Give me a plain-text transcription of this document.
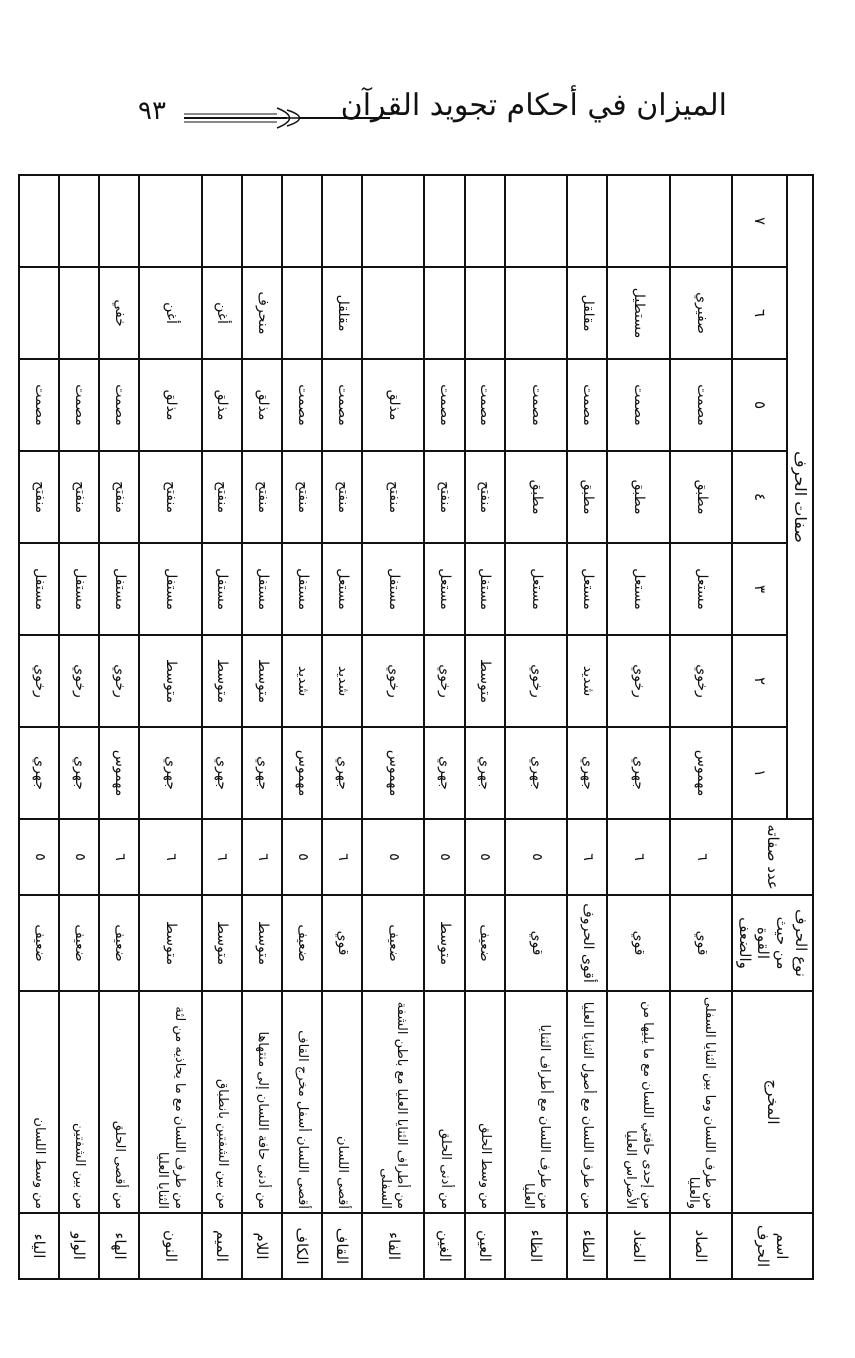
٩٣	الميزان في أحكام تجويد القرآن
اسم الحرف	المخرج	نوع الحرف من حيث القوة والضعف	عدد صفاته	صفات الحرف						
				١	٢	٣	٤	٥	٦	٧
الصاد	من طرف اللسان وما بين الثنايا السفلى والعليا	قوي	٦	مهموس	رخوي	مستعل	مطبق	مصمت	صفيري	
الضاد	من إحدى حافتي اللسان مع ما يليها من الأضراس العليا	قوي	٦	جهري	رخوي	مستعل	مطبق	مصمت	مستطيل	
الطاء	من طرف اللسان مع أصول الثنايا العليا	أقوى الحروف	٦	جهري	شديد	مستعل	مطبق	مصمت	مقلقل	
الظاء	من طرف اللسان مع أطراف الثنايا العليا	قوي	٥	جهري	رخوي	مستعل	مطبق	مصمت		
العين	من وسط الحلق	ضعيف	٥	جهري	متوسط	مستفل	منفتح	مصمت		
الغين	من أدنى الحلق	متوسط	٥	جهري	رخوي	مستعل	منفتح	مصمت		
الفاء	من أطراف الثنايا العليا مع باطن الشفة السفلى	ضعيف	٥	مهموس	رخوي	مستفل	منفتح	مذلق		
القاف	أقصى اللسان	قوي	٦	جهري	شديد	مستعل	منفتح	مصمت	مقلقل	
الكاف	أقصى اللسان أسفل مخرج القاف	ضعيف	٥	مهموس	شديد	مستفل	منفتح	مصمت		
اللام	من أدنى حافة اللسان إلى منتهاها	متوسط	٦	جهري	متوسط	مستفل	منفتح	مذلق	منحرف	
الميم	من بين الشفتين بانطباق	متوسط	٦	جهري	متوسط	مستفل	منفتح	مذلق	أغن	
النون	من طرف اللسان مع ما يحاذيه من لثة الثنايا العليا	متوسط	٦	جهري	متوسط	مستفل	منفتح	مذلق	أغن	
الهاء	من أقصى الحلق	ضعيف	٦	مهموس	رخوي	مستفل	منفتح	مصمت	خفي	
الواو	من بين الشفتين	ضعيف	٥	جهري	رخوي	مستفل	منفتح	مصمت		
الياء	من وسط اللسان	ضعيف	٥	جهري	رخوي	مستفل	منفتح	مصمت		
